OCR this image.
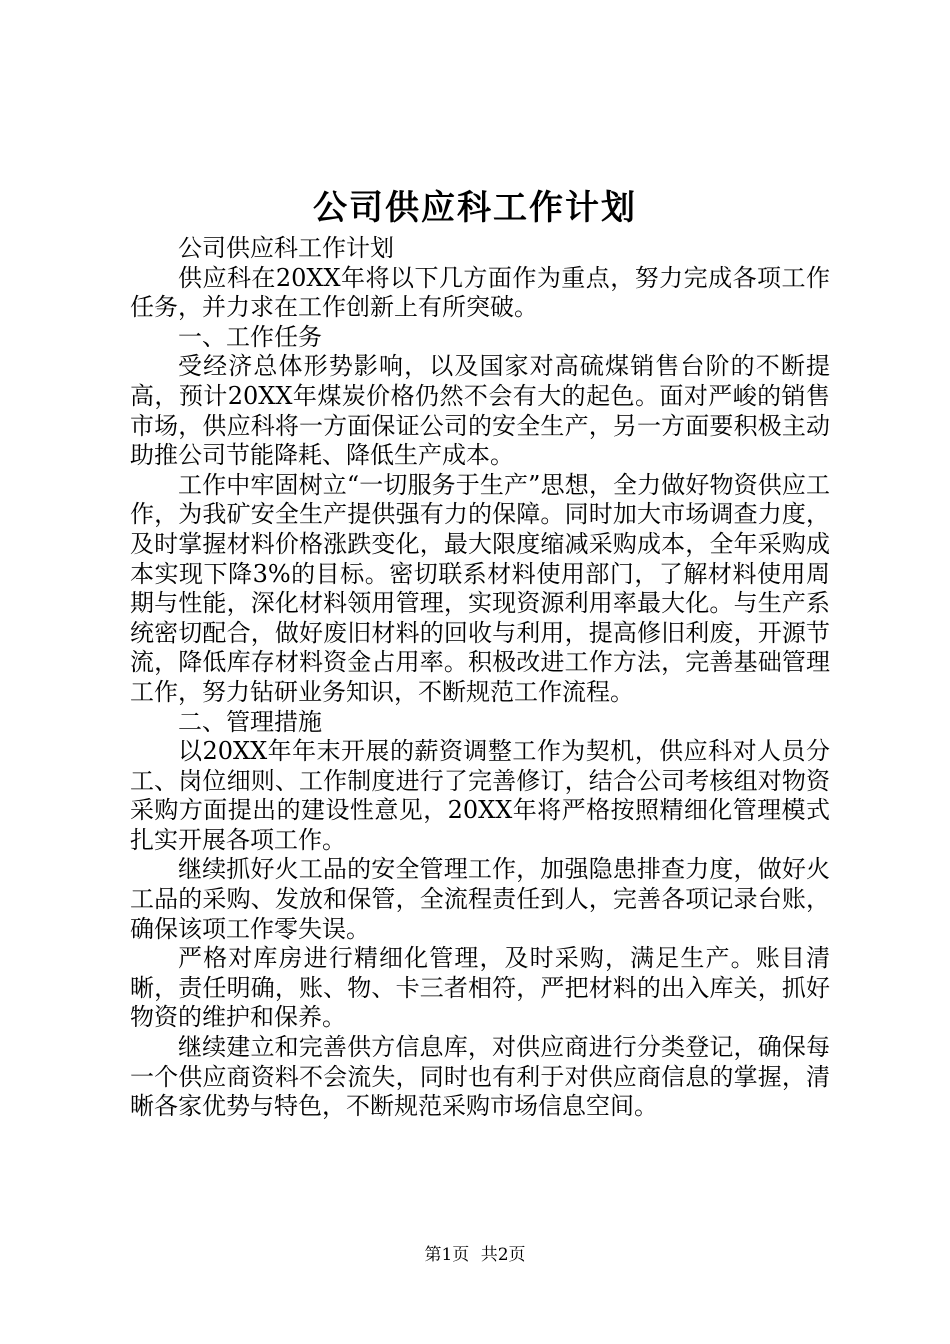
公司供应科工作计划

公司供应科工作计划

供应科在20XX年将以下几方面作为重点，努力完成各项工作任务，并力求在工作创新上有所突破。

一、工作任务

受经济总体形势影响，以及国家对高硫煤销售台阶的不断提高，预计20XX年煤炭价格仍然不会有大的起色。面对严峻的销售市场，供应科将一方面保证公司的安全生产，另一方面要积极主动助推公司节能降耗、降低生产成本。

工作中牢固树立“一切服务于生产”思想，全力做好物资供应工作，为我矿安全生产提供强有力的保障。同时加大市场调查力度，及时掌握材料价格涨跌变化，最大限度缩减采购成本，全年采购成本实现下降3%的目标。密切联系材料使用部门，了解材料使用周期与性能，深化材料领用管理，实现资源利用率最大化。与生产系统密切配合，做好废旧材料的回收与利用，提高修旧利废，开源节流，降低库存材料资金占用率。积极改进工作方法，完善基础管理工作，努力钻研业务知识，不断规范工作流程。

二、管理措施

以20XX年年末开展的薪资调整工作为契机，供应科对人员分工、岗位细则、工作制度进行了完善修订，结合公司考核组对物资采购方面提出的建设性意见，20XX年将严格按照精细化管理模式扎实开展各项工作。

继续抓好火工品的安全管理工作，加强隐患排查力度，做好火工品的采购、发放和保管，全流程责任到人，完善各项记录台账，确保该项工作零失误。

严格对库房进行精细化管理，及时采购，满足生产。账目清晰，责任明确，账、物、卡三者相符，严把材料的出入库关，抓好物资的维护和保养。

继续建立和完善供方信息库，对供应商进行分类登记，确保每一个供应商资料不会流失，同时也有利于对供应商信息的掌握，清晰各家优势与特色，不断规范采购市场信息空间。

第1页 共2页
